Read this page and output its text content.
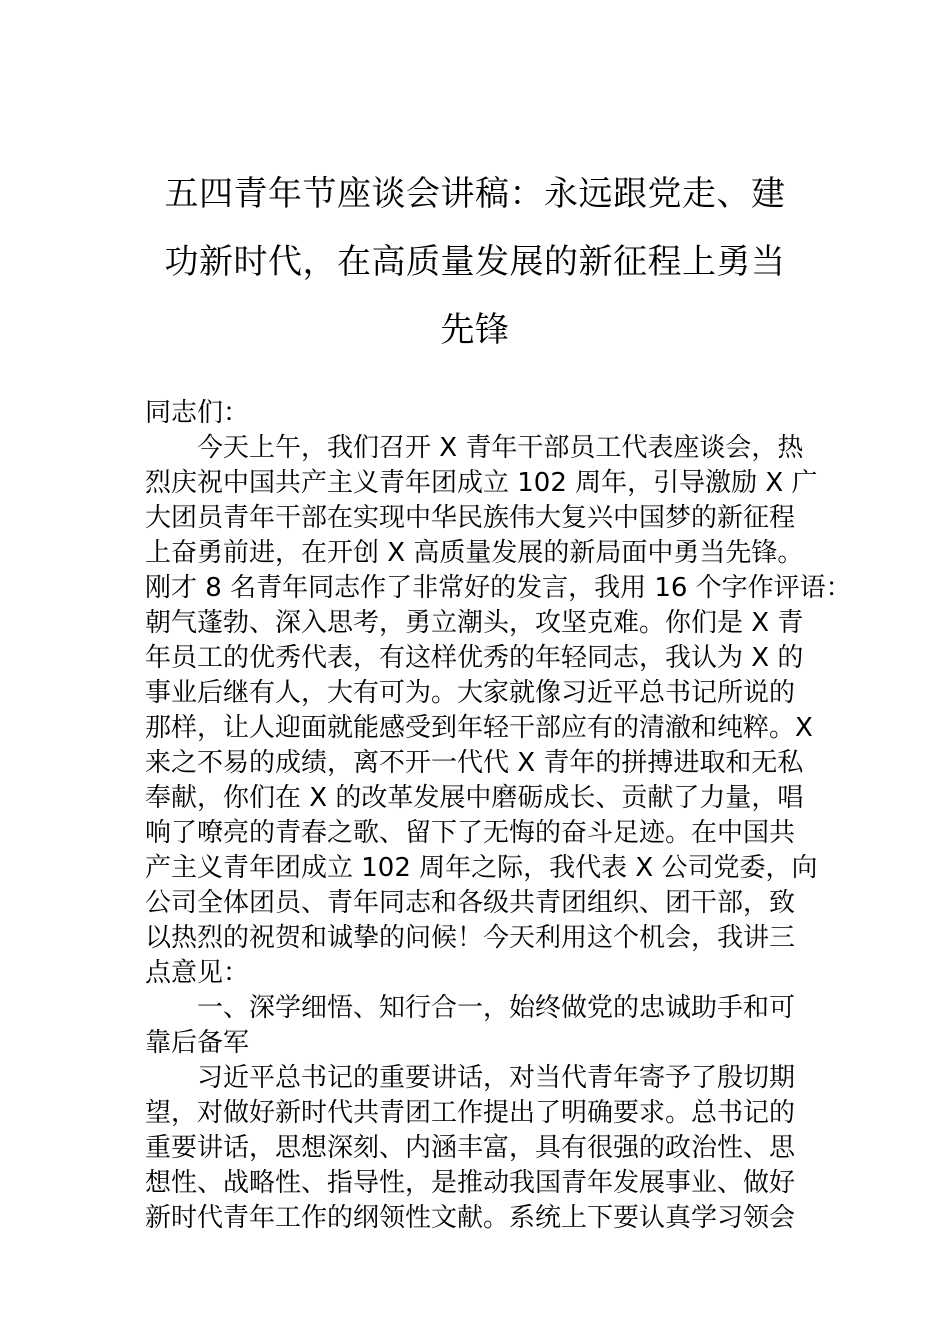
五四青年节座谈会讲稿：永远跟党走、建
功新时代，在高质量发展的新征程上勇当
先锋
同志们：
　　今天上午，我们召开 X 青年干部员工代表座谈会，热
烈庆祝中国共产主义青年团成立 102 周年，引导激励 X 广
大团员青年干部在实现中华民族伟大复兴中国梦的新征程
上奋勇前进，在开创 X 高质量发展的新局面中勇当先锋。
刚才 8 名青年同志作了非常好的发言，我用 16 个字作评语：
朝气蓬勃、深入思考，勇立潮头，攻坚克难。你们是 X 青
年员工的优秀代表，有这样优秀的年轻同志，我认为 X 的
事业后继有人，大有可为。大家就像习近平总书记所说的
那样，让人迎面就能感受到年轻干部应有的清澈和纯粹。X
来之不易的成绩，离不开一代代 X 青年的拼搏进取和无私
奉献，你们在 X 的改革发展中磨砺成长、贡献了力量，唱
响了嘹亮的青春之歌、留下了无悔的奋斗足迹。在中国共
产主义青年团成立 102 周年之际，我代表 X 公司党委，向
公司全体团员、青年同志和各级共青团组织、团干部，致
以热烈的祝贺和诚挚的问候！今天利用这个机会，我讲三
点意见：
　　一、深学细悟、知行合一，始终做党的忠诚助手和可
靠后备军
　　习近平总书记的重要讲话，对当代青年寄予了殷切期
望，对做好新时代共青团工作提出了明确要求。总书记的
重要讲话，思想深刻、内涵丰富，具有很强的政治性、思
想性、战略性、指导性，是推动我国青年发展事业、做好
新时代青年工作的纲领性文献。系统上下要认真学习领会
